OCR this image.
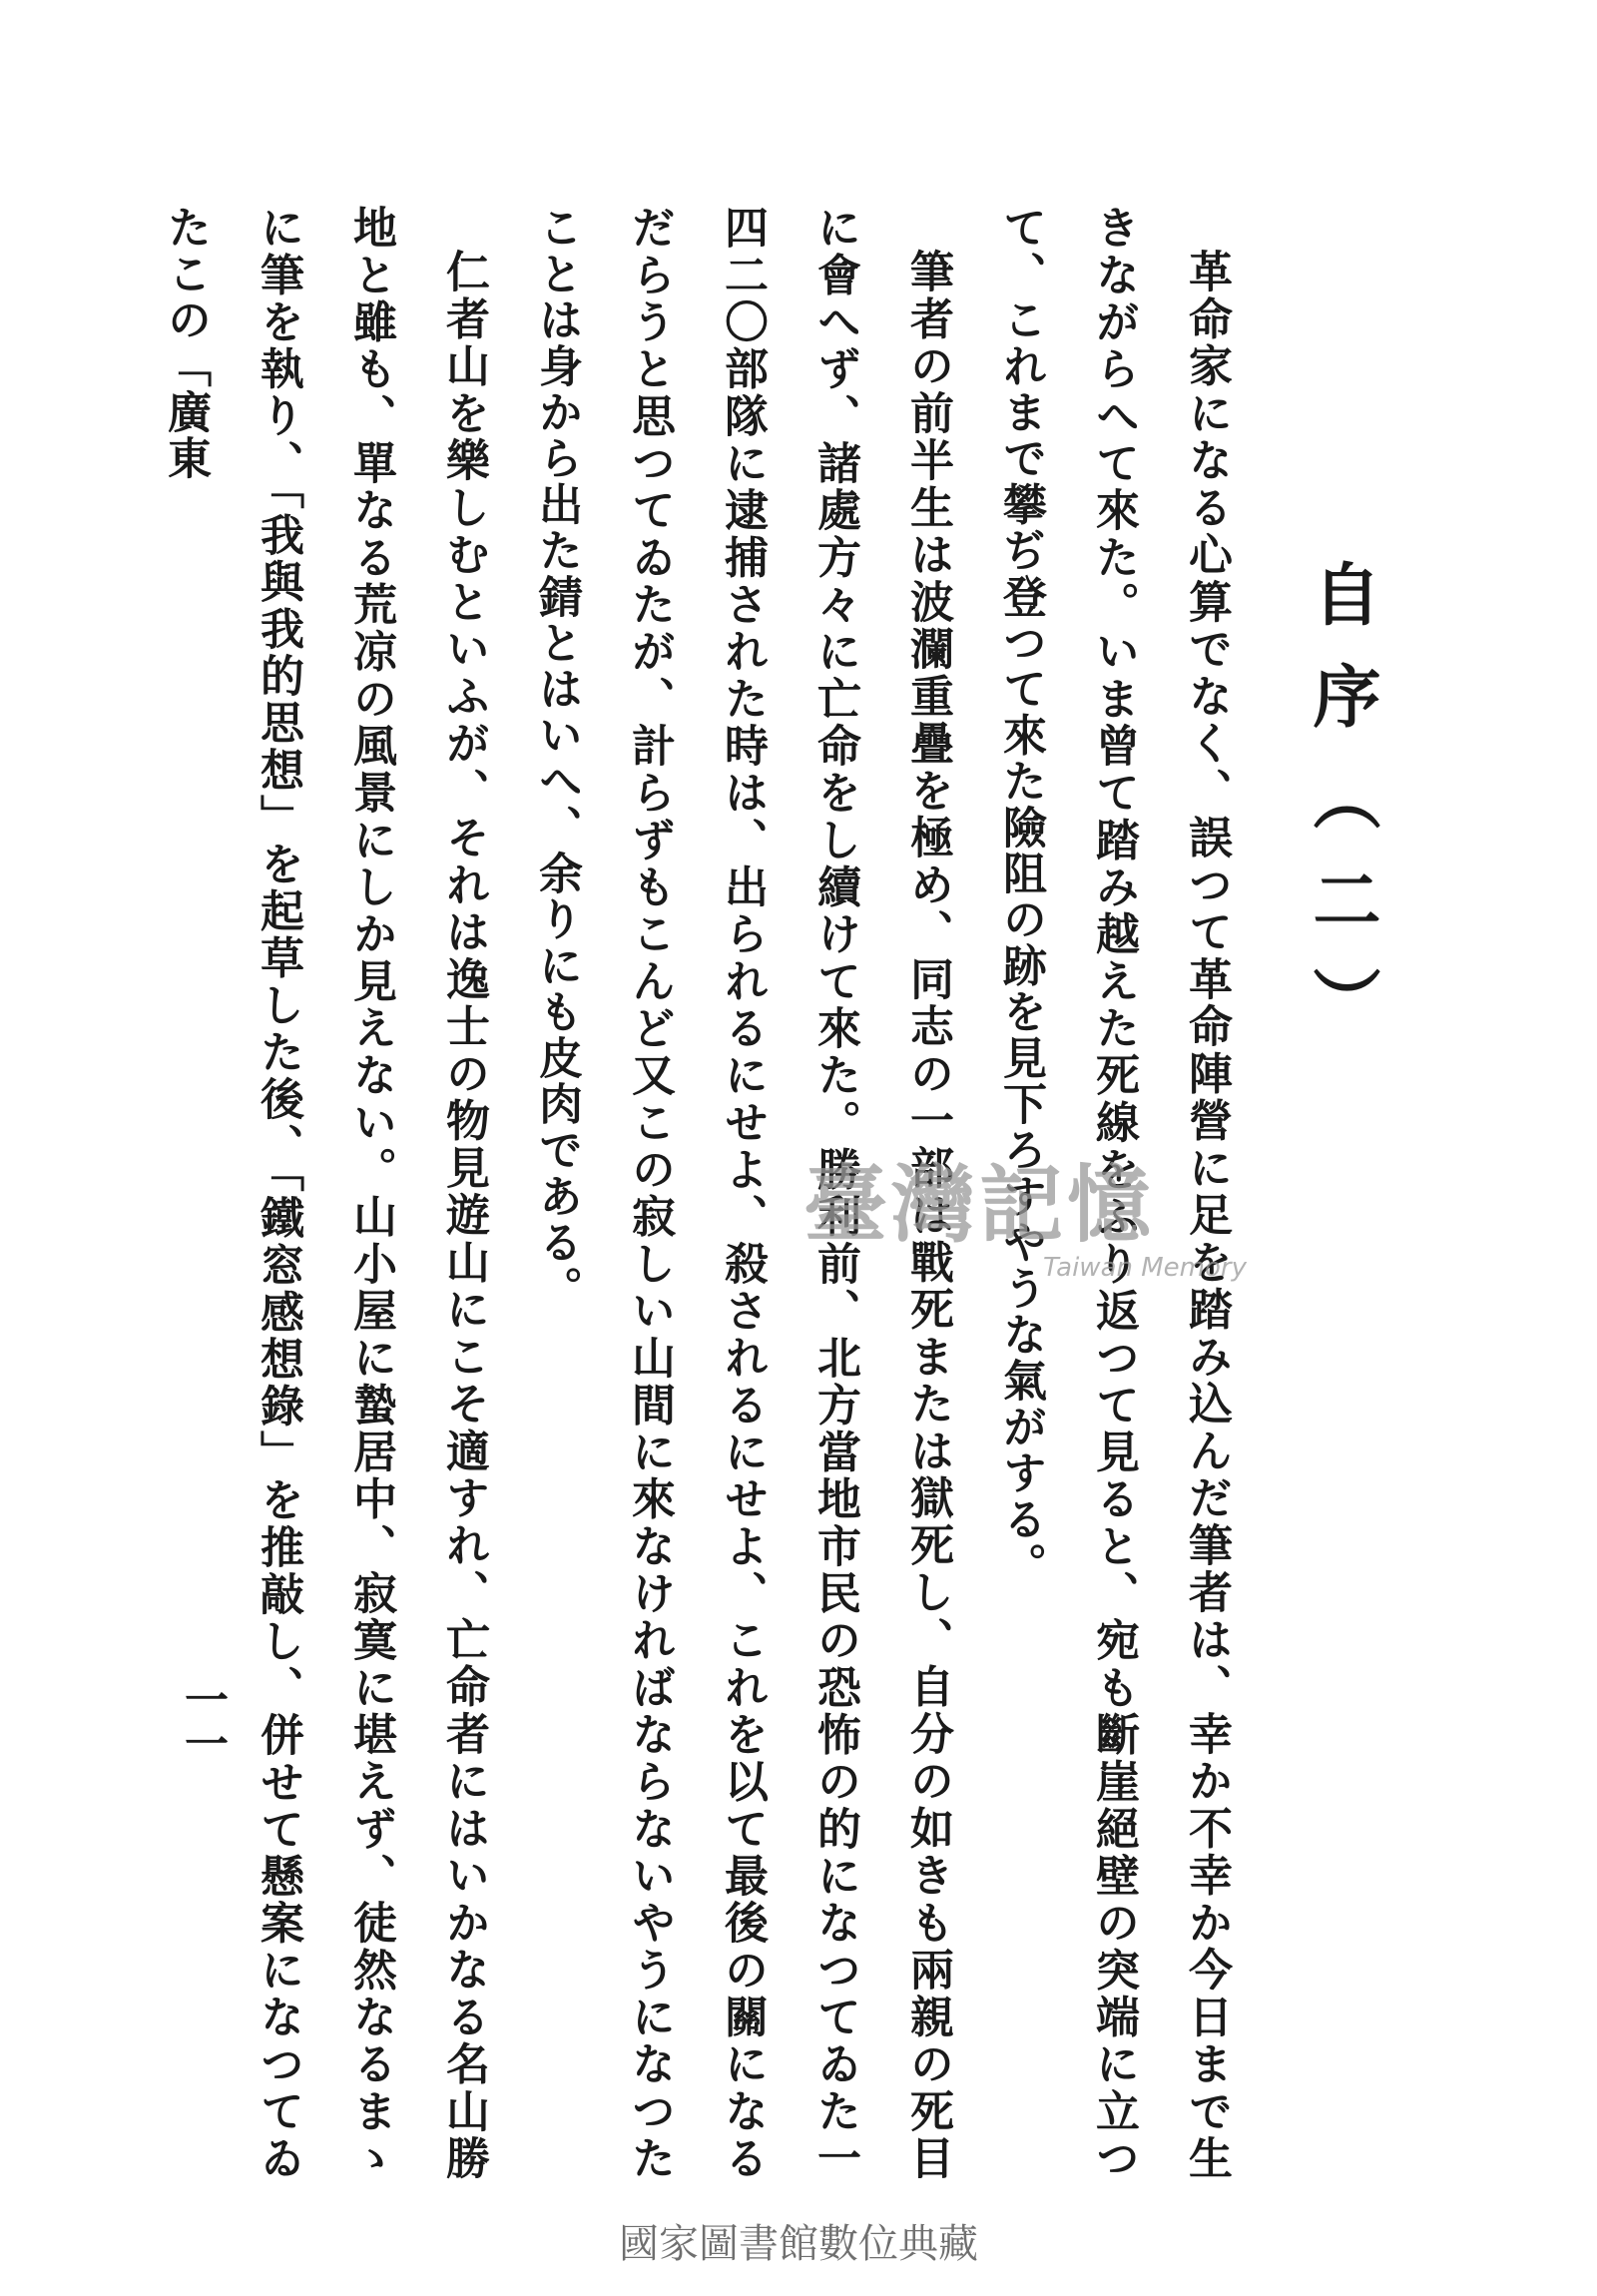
自序（二）

革命家になる心算でなく、誤つて革命陣營に足を踏み込んだ筆者は、幸か不幸か今日まで生きながらへて來た。いま曾て踏み越えた死線をふり返つて見ると、宛も斷崖絕壁の突端に立つて、これまで攀ぢ登つて來た險阻の跡を見下ろすやうな氣がする。

筆者の前半生は波瀾重疊を極め、同志の一部は戰死または獄死し、自分の如きも兩親の死目に會へず、諸處方々に亡命をし續けて來た。勝利前、北方當地市民の恐怖の的になつてゐた一四二〇部隊に逮捕された時は、出られるにせよ、殺されるにせよ、これを以て最後の關になるだらうと思つてゐたが、計らずもこんど又この寂しい山間に來なければならないやうになつたことは身から出た錆とはいへ、余りにも皮肉である。

仁者山を樂しむといふが、それは逸士の物見遊山にこそ適すれ、亡命者にはいかなる名山勝地と雖も、單なる荒凉の風景にしか見えない。山小屋に蟄居中、寂寞に堪えず、徒然なるまゝに筆を執り、「我與我的思想」を起草した後、「鐵窓感想錄」を推敲し、併せて懸案になつてゐたこの「廣東

一一
臺灣記憶
Taiwan Memory
國家圖書館數位典藏
